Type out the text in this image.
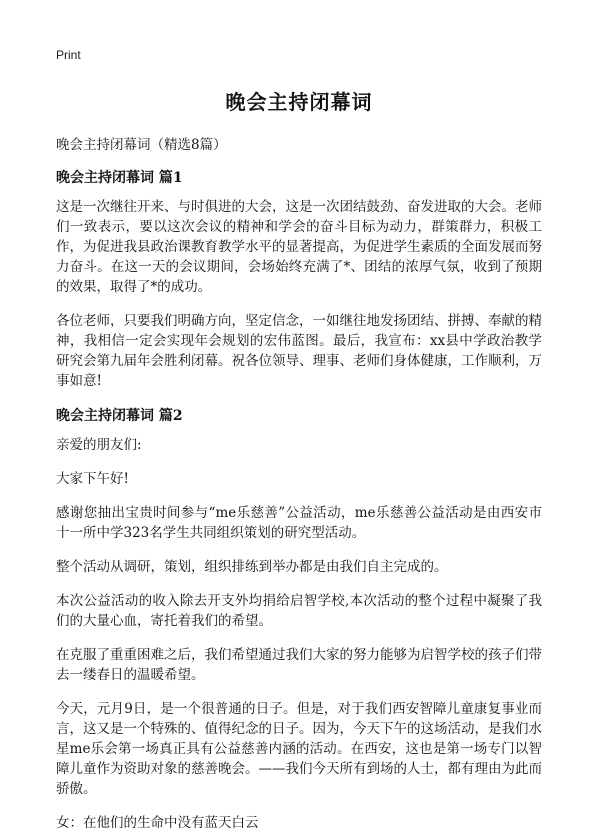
Print
晚会主持闭幕词

晚会主持闭幕词（精选8篇）

晚会主持闭幕词 篇1

这是一次继往开来、与时俱进的大会，这是一次团结鼓劲、奋发进取的大会。老师们一致表示，要以这次会议的精神和学会的奋斗目标为动力，群策群力，积极工作，为促进我县政治课教育教学水平的显著提高，为促进学生素质的全面发展而努力奋斗。在这一天的会议期间，会场始终充满了*、团结的浓厚气氛，收到了预期的效果，取得了*的成功。

各位老师，只要我们明确方向，坚定信念，一如继往地发扬团结、拼搏、奉献的精神，我相信一定会实现年会规划的宏伟蓝图。最后，我宣布：xx县中学政治教学研究会第九届年会胜利闭幕。祝各位领导、理事、老师们身体健康，工作顺利，万事如意!

晚会主持闭幕词 篇2

亲爱的朋友们:

大家下午好!

感谢您抽出宝贵时间参与“me乐慈善”公益活动，me乐慈善公益活动是由西安市十一所中学323名学生共同组织策划的研究型活动。

整个活动从调研，策划，组织排练到举办都是由我们自主完成的。

本次公益活动的收入除去开支外均捐给启智学校,本次活动的整个过程中凝聚了我们的大量心血，寄托着我们的希望。

在克服了重重困难之后，我们希望通过我们大家的努力能够为启智学校的孩子们带去一缕春日的温暖希望。

今天，元月9日，是一个很普通的日子。但是，对于我们西安智障儿童康复事业而言，这又是一个特殊的、值得纪念的日子。因为，今天下午的这场活动，是我们水星me乐会第一场真正具有公益慈善内涵的活动。在西安，这也是第一场专门以智障儿童作为资助对象的慈善晚会。——我们今天所有到场的人士，都有理由为此而骄傲。

女：在他们的生命中没有蓝天白云
